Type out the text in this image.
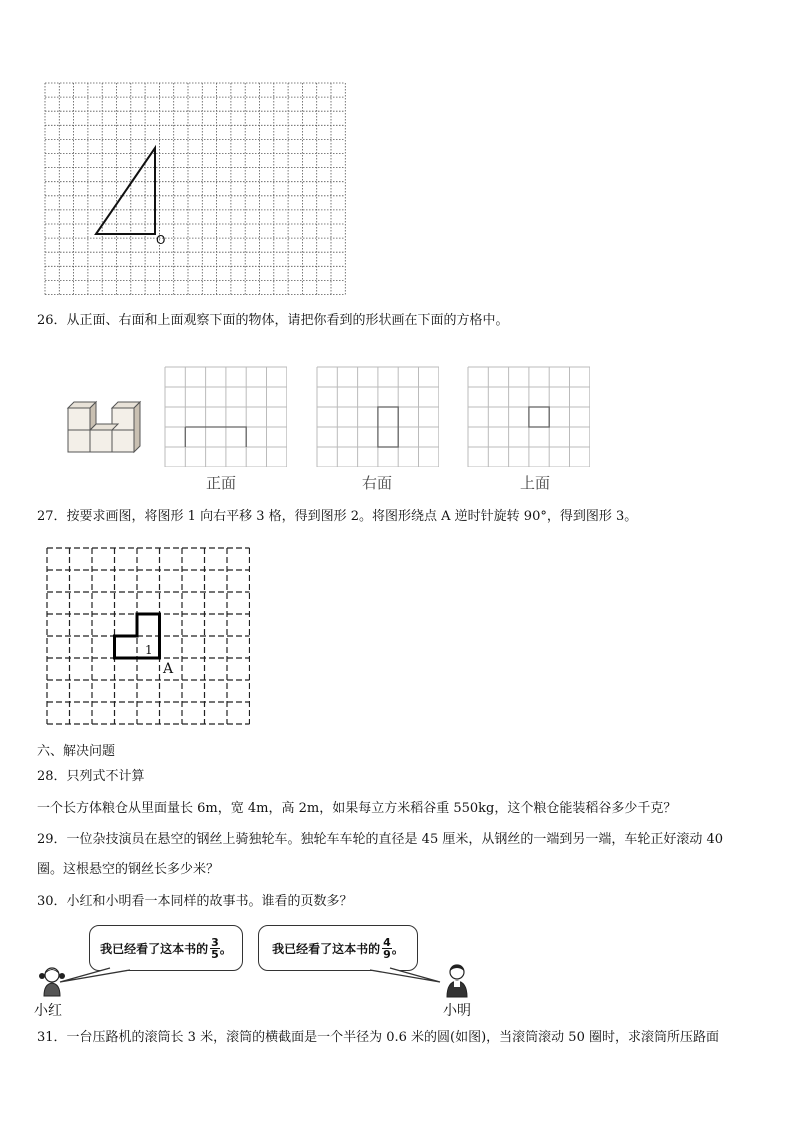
O
26．从正面、右面和上面观察下面的物体，请把你看到的形状画在下面的方格中。
正面	右面	上面
27．按要求画图，将图形 1 向右平移 3 格，得到图形 2。将图形绕点 A 逆时针旋转 90°，得到图形 3。
1
A
六、解决问题
28．只列式不计算
一个长方体粮仓从里面量长 6m，宽 4m，高 2m，如果每立方米稻谷重 550kg，这个粮仓能装稻谷多少千克？
29．一位杂技演员在悬空的钢丝上骑独轮车。独轮车车轮的直径是 45 厘米，从钢丝的一端到另一端，车轮正好滚动 40
圈。这根悬空的钢丝长多少米？
30．小红和小明看一本同样的故事书。谁看的页数多？
我已经看了这本书的 $\frac{3}{5}$ 。	我已经看了这本书的 $\frac{4}{9}$ 。
小红	小明
31．一台压路机的滚筒长 3 米，滚筒的横截面是一个半径为 0.6 米的圆(如图)，当滚筒滚动 50 圈时，求滚筒所压路面
